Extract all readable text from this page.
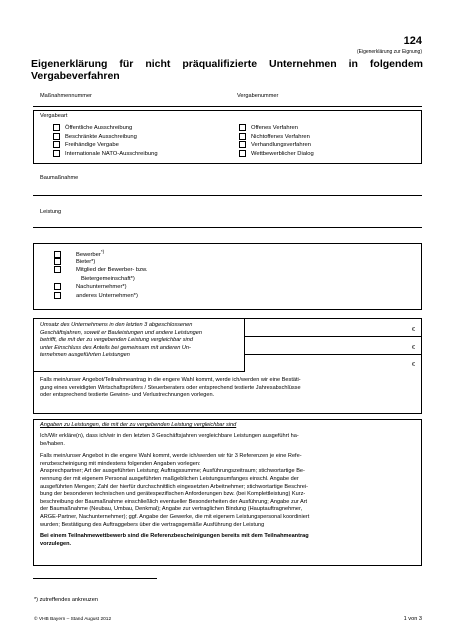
124
(Eigenerklärung zur Eignung)
Eigenerklärung für nicht präqualifizierte Unternehmen in folgendem Vergabeverfahren
Maßnahmennummer	Vergabenummer
Vergabeart
Öffentliche Ausschreibung
Beschränkte Ausschreibung
Freihändige Vergabe
Internationale NATO-Ausschreibung
Offenes Verfahren
Nichtoffenes Verfahren
Verhandlungsverfahren
Wettbewerblicher Dialog
Baumaßnahme
Leistung
Bewerber*)
Bieter*)
Mitglied der Bewerber- bzw.
Bietergemeinschaft*)
Nachunternehmer*)
anderes Unternehmen*)
Umsatz des Unternehmens in den letzten 3 abgeschlossenen
Geschäftsjahren, soweit er Bauleistungen und andere Leistungen
betrifft, die mit der zu vergebenden Leistung vergleichbar sind
unter Einschluss des Anteils bei gemeinsam mit anderen Un-
ternehmen ausgeführten Leistungen
€
€
€
Falls mein/unser Angebot/Teilnahmeantrag in die engere Wahl kommt, werde ich/werden wir eine Bestäti-
gung eines vereidigten Wirtschaftsprüfers / Steuerberaters oder entsprechend testierte Jahresabschlüsse
oder entsprechend testierte Gewinn- und Verlustrechnungen vorlegen.
Angaben zu Leistungen, die mit der zu vergebenden Leistung vergleichbar sind
Ich/Wir erkläre(n), dass ich/wir in den letzten 3 Geschäftsjahren vergleichbare Leistungen ausgeführt ha-
be/haben.
Falls mein/unser Angebot in die engere Wahl kommt, werde ich/werden wir für 3 Referenzen je eine Refe-
renzbescheinigung mit mindestens folgenden Angaben vorlegen:
Ansprechpartner; Art der ausgeführten Leistung; Auftragssumme; Ausführungszeitraum; stichwortartige Be-
nennung der mit eigenem Personal ausgeführten maßgeblichen Leistungsumfanges einschl. Angabe der
ausgeführten Mengen; Zahl der hierfür durchschnittlich eingesetzten Arbeitnehmer; stichwortartige Beschrei-
bung der besonderen technischen und gerätespezifischen Anforderungen bzw. (bei Komplettleistung) Kurz-
beschreibung der Baumaßnahme einschließlich eventueller Besonderheiten der Ausführung; Angabe zur Art
der Baumaßnahme (Neubau, Umbau, Denkmal); Angabe zur vertraglichen Bindung (Hauptauftragnehmer,
ARGE-Partner, Nachunternehmer); ggf. Angabe der Gewerke, die mit eigenem Leistungspersonal koordiniert
wurden; Bestätigung des Auftraggebers über die vertragsgemäße Ausführung der Leistung
Bei einem Teilnahmewettbewerb sind die Referenzbescheinigungen bereits mit dem Teilnahmeantrag
vorzulegen.
*) zutreffendes ankreuzen
© VHB Bayern – Stand August 2012	1 von 3
